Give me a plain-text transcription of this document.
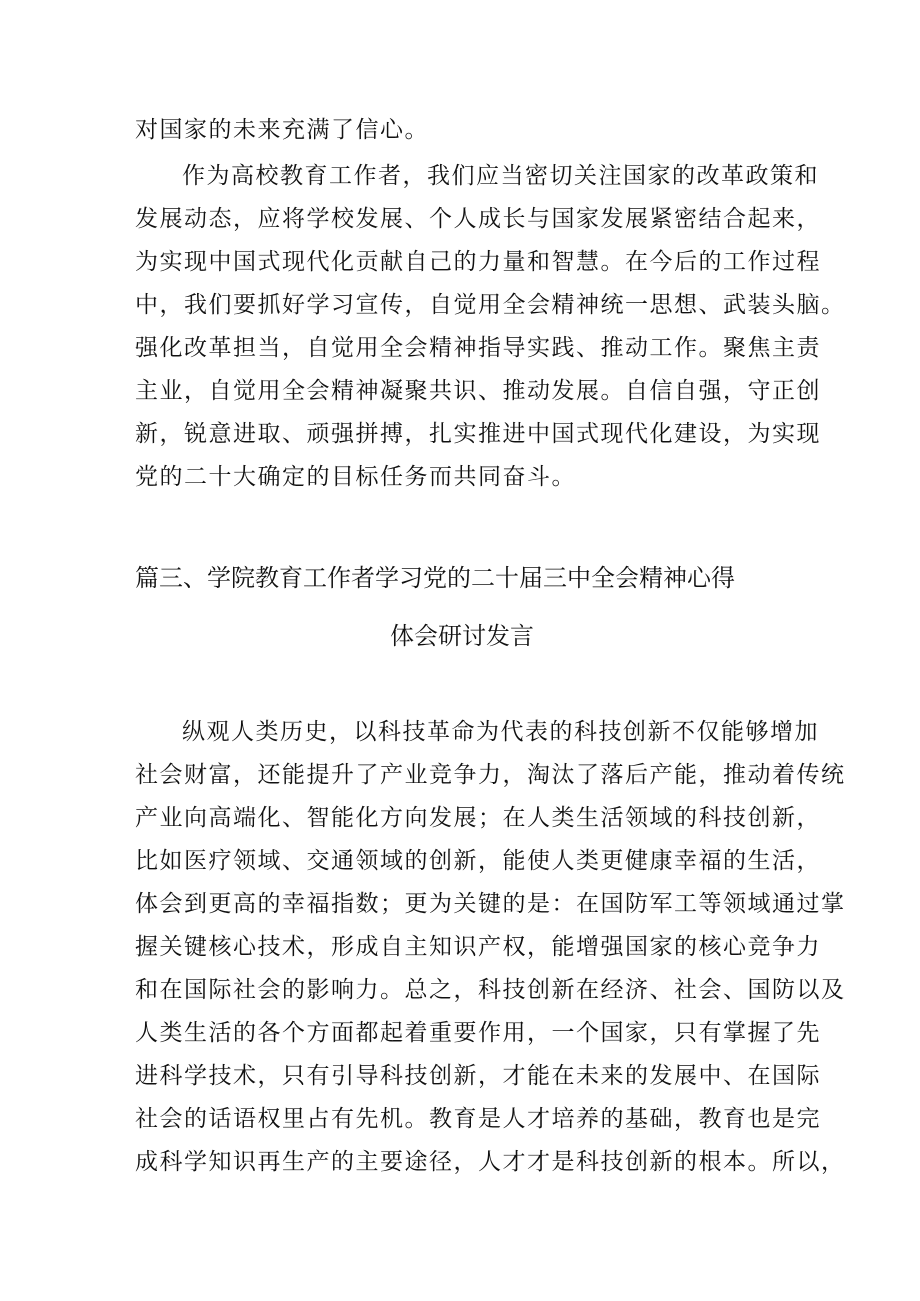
对国家的未来充满了信心。
作为高校教育工作者，我们应当密切关注国家的改革政策和
发展动态，应将学校发展、个人成长与国家发展紧密结合起来，
为实现中国式现代化贡献自己的力量和智慧。在今后的工作过程
中，我们要抓好学习宣传，自觉用全会精神统一思想、武装头脑。
强化改革担当，自觉用全会精神指导实践、推动工作。聚焦主责
主业，自觉用全会精神凝聚共识、推动发展。自信自强，守正创
新，锐意进取、顽强拼搏，扎实推进中国式现代化建设，为实现
党的二十大确定的目标任务而共同奋斗。
篇三、学院教育工作者学习党的二十届三中全会精神心得
体会研讨发言
纵观人类历史，以科技革命为代表的科技创新不仅能够增加
社会财富，还能提升了产业竞争力，淘汰了落后产能，推动着传统
产业向高端化、智能化方向发展；在人类生活领域的科技创新，
比如医疗领域、交通领域的创新，能使人类更健康幸福的生活，
体会到更高的幸福指数；更为关键的是：在国防军工等领域通过掌
握关键核心技术，形成自主知识产权，能增强国家的核心竞争力
和在国际社会的影响力。总之，科技创新在经济、社会、国防以及
人类生活的各个方面都起着重要作用，一个国家，只有掌握了先
进科学技术，只有引导科技创新，才能在未来的发展中、在国际
社会的话语权里占有先机。教育是人才培养的基础，教育也是完
成科学知识再生产的主要途径，人才才是科技创新的根本。所以，
